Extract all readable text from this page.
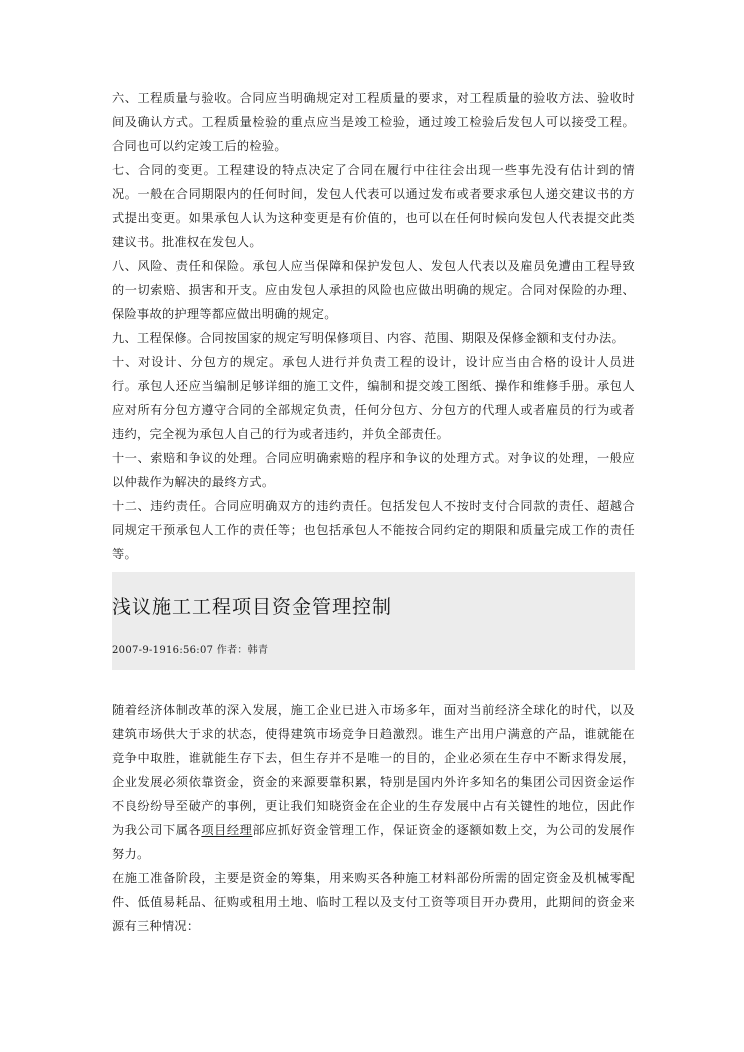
六、工程质量与验收。合同应当明确规定对工程质量的要求，对工程质量的验收方法、验收时间及确认方式。工程质量检验的重点应当是竣工检验，通过竣工检验后发包人可以接受工程。合同也可以约定竣工后的检验。

七、合同的变更。工程建设的特点决定了合同在履行中往往会出现一些事先没有估计到的情况。一般在合同期限内的任何时间，发包人代表可以通过发布或者要求承包人递交建议书的方式提出变更。如果承包人认为这种变更是有价值的，也可以在任何时候向发包人代表提交此类建议书。批准权在发包人。

八、风险、责任和保险。承包人应当保障和保护发包人、发包人代表以及雇员免遭由工程导致的一切索赔、损害和开支。应由发包人承担的风险也应做出明确的规定。合同对保险的办理、保险事故的护理等都应做出明确的规定。

九、工程保修。合同按国家的规定写明保修项目、内容、范围、期限及保修金额和支付办法。

十、对设计、分包方的规定。承包人进行并负责工程的设计，设计应当由合格的设计人员进行。承包人还应当编制足够详细的施工文件，编制和提交竣工图纸、操作和维修手册。承包人应对所有分包方遵守合同的全部规定负责，任何分包方、分包方的代理人或者雇员的行为或者违约，完全视为承包人自己的行为或者违约，并负全部责任。

十一、索赔和争议的处理。合同应明确索赔的程序和争议的处理方式。对争议的处理，一般应以仲裁作为解决的最终方式。

十二、违约责任。合同应明确双方的违约责任。包括发包人不按时支付合同款的责任、超越合同规定干预承包人工作的责任等；也包括承包人不能按合同约定的期限和质量完成工作的责任等。

浅议施工工程项目资金管理控制

2007-9-1916:56:07 作者：韩青

随着经济体制改革的深入发展，施工企业已进入市场多年，面对当前经济全球化的时代，以及建筑市场供大于求的状态，使得建筑市场竞争日趋激烈。谁生产出用户满意的产品，谁就能在竞争中取胜，谁就能生存下去，但生存并不是唯一的目的，企业必须在生存中不断求得发展，企业发展必须依靠资金，资金的来源要靠积累，特别是国内外许多知名的集团公司因资金运作不良纷纷导至破产的事例，更让我们知晓资金在企业的生存发展中占有关键性的地位，因此作为我公司下属各项目经理部应抓好资金管理工作，保证资金的逐额如数上交，为公司的发展作努力。

在施工准备阶段，主要是资金的筹集，用来购买各种施工材料部份所需的固定资金及机械零配件、低值易耗品、征购或租用土地、临时工程以及支付工资等项目开办费用，此期间的资金来源有三种情况：
